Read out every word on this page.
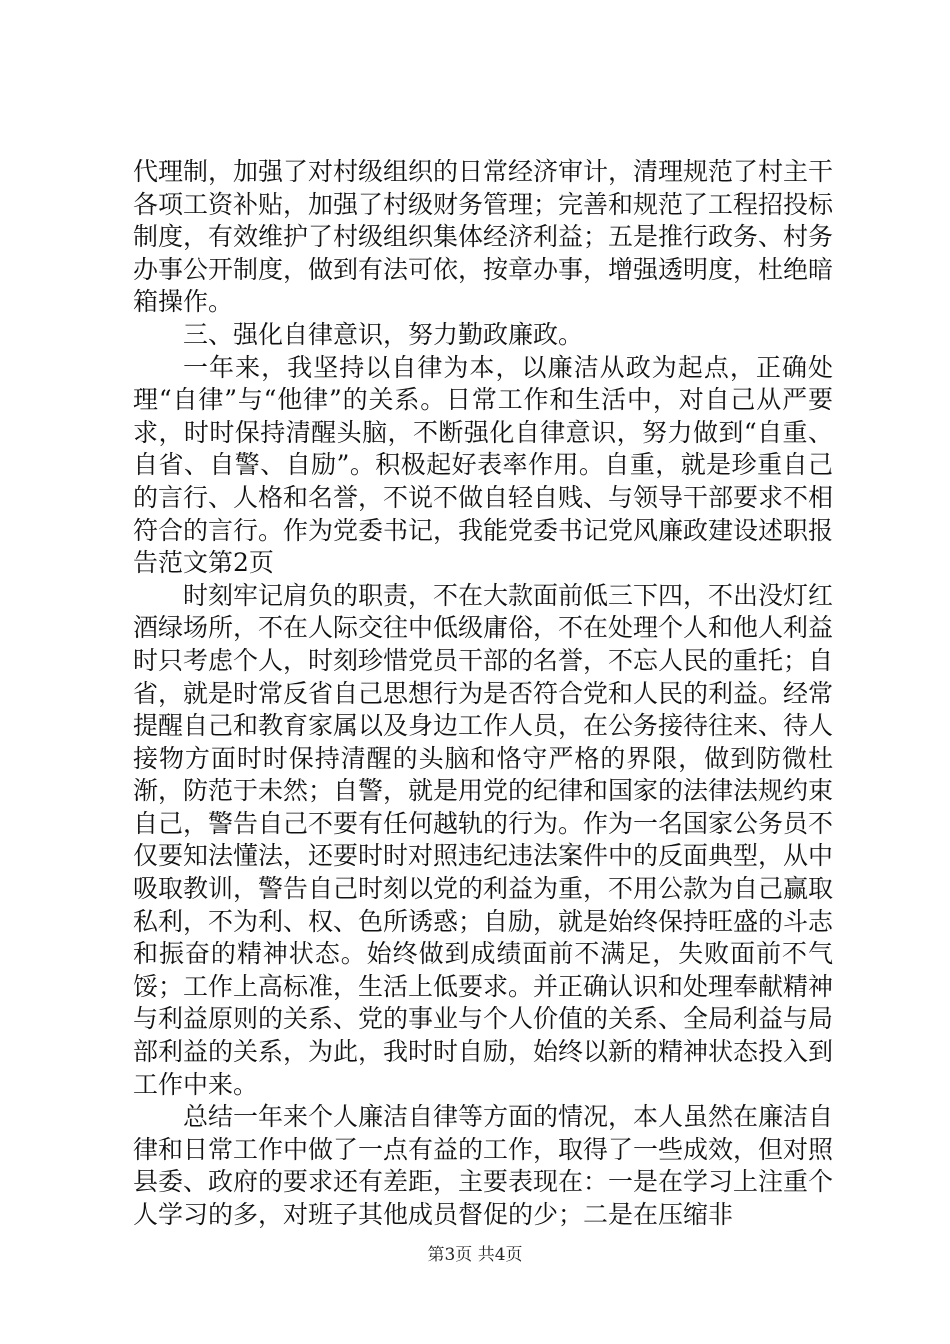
代理制，加强了对村级组织的日常经济审计，清理规范了村主干各项工资补贴，加强了村级财务管理；完善和规范了工程招投标制度，有效维护了村级组织集体经济利益；五是推行政务、村务办事公开制度，做到有法可依，按章办事，增强透明度，杜绝暗箱操作。

三、强化自律意识，努力勤政廉政。

一年来，我坚持以自律为本，以廉洁从政为起点，正确处理“自律”与“他律”的关系。日常工作和生活中，对自己从严要求，时时保持清醒头脑，不断强化自律意识，努力做到“自重、自省、自警、自励”。积极起好表率作用。自重，就是珍重自己的言行、人格和名誉，不说不做自轻自贱、与领导干部要求不相符合的言行。作为党委书记，我能党委书记党风廉政建设述职报告范文第2页

时刻牢记肩负的职责，不在大款面前低三下四，不出没灯红酒绿场所，不在人际交往中低级庸俗，不在处理个人和他人利益时只考虑个人，时刻珍惜党员干部的名誉，不忘人民的重托；自省，就是时常反省自己思想行为是否符合党和人民的利益。经常提醒自己和教育家属以及身边工作人员，在公务接待往来、待人接物方面时时保持清醒的头脑和恪守严格的界限，做到防微杜渐，防范于未然；自警，就是用党的纪律和国家的法律法规约束自己，警告自己不要有任何越轨的行为。作为一名国家公务员不仅要知法懂法，还要时时对照违纪违法案件中的反面典型，从中吸取教训，警告自己时刻以党的利益为重，不用公款为自己赢取私利，不为利、权、色所诱惑；自励，就是始终保持旺盛的斗志和振奋的精神状态。始终做到成绩面前不满足，失败面前不气馁；工作上高标准，生活上低要求。并正确认识和处理奉献精神与利益原则的关系、党的事业与个人价值的关系、全局利益与局部利益的关系，为此，我时时自励，始终以新的精神状态投入到工作中来。

总结一年来个人廉洁自律等方面的情况，本人虽然在廉洁自律和日常工作中做了一点有益的工作，取得了一些成效，但对照县委、政府的要求还有差距，主要表现在：一是在学习上注重个人学习的多，对班子其他成员督促的少；二是在压缩非

第3页 共4页
